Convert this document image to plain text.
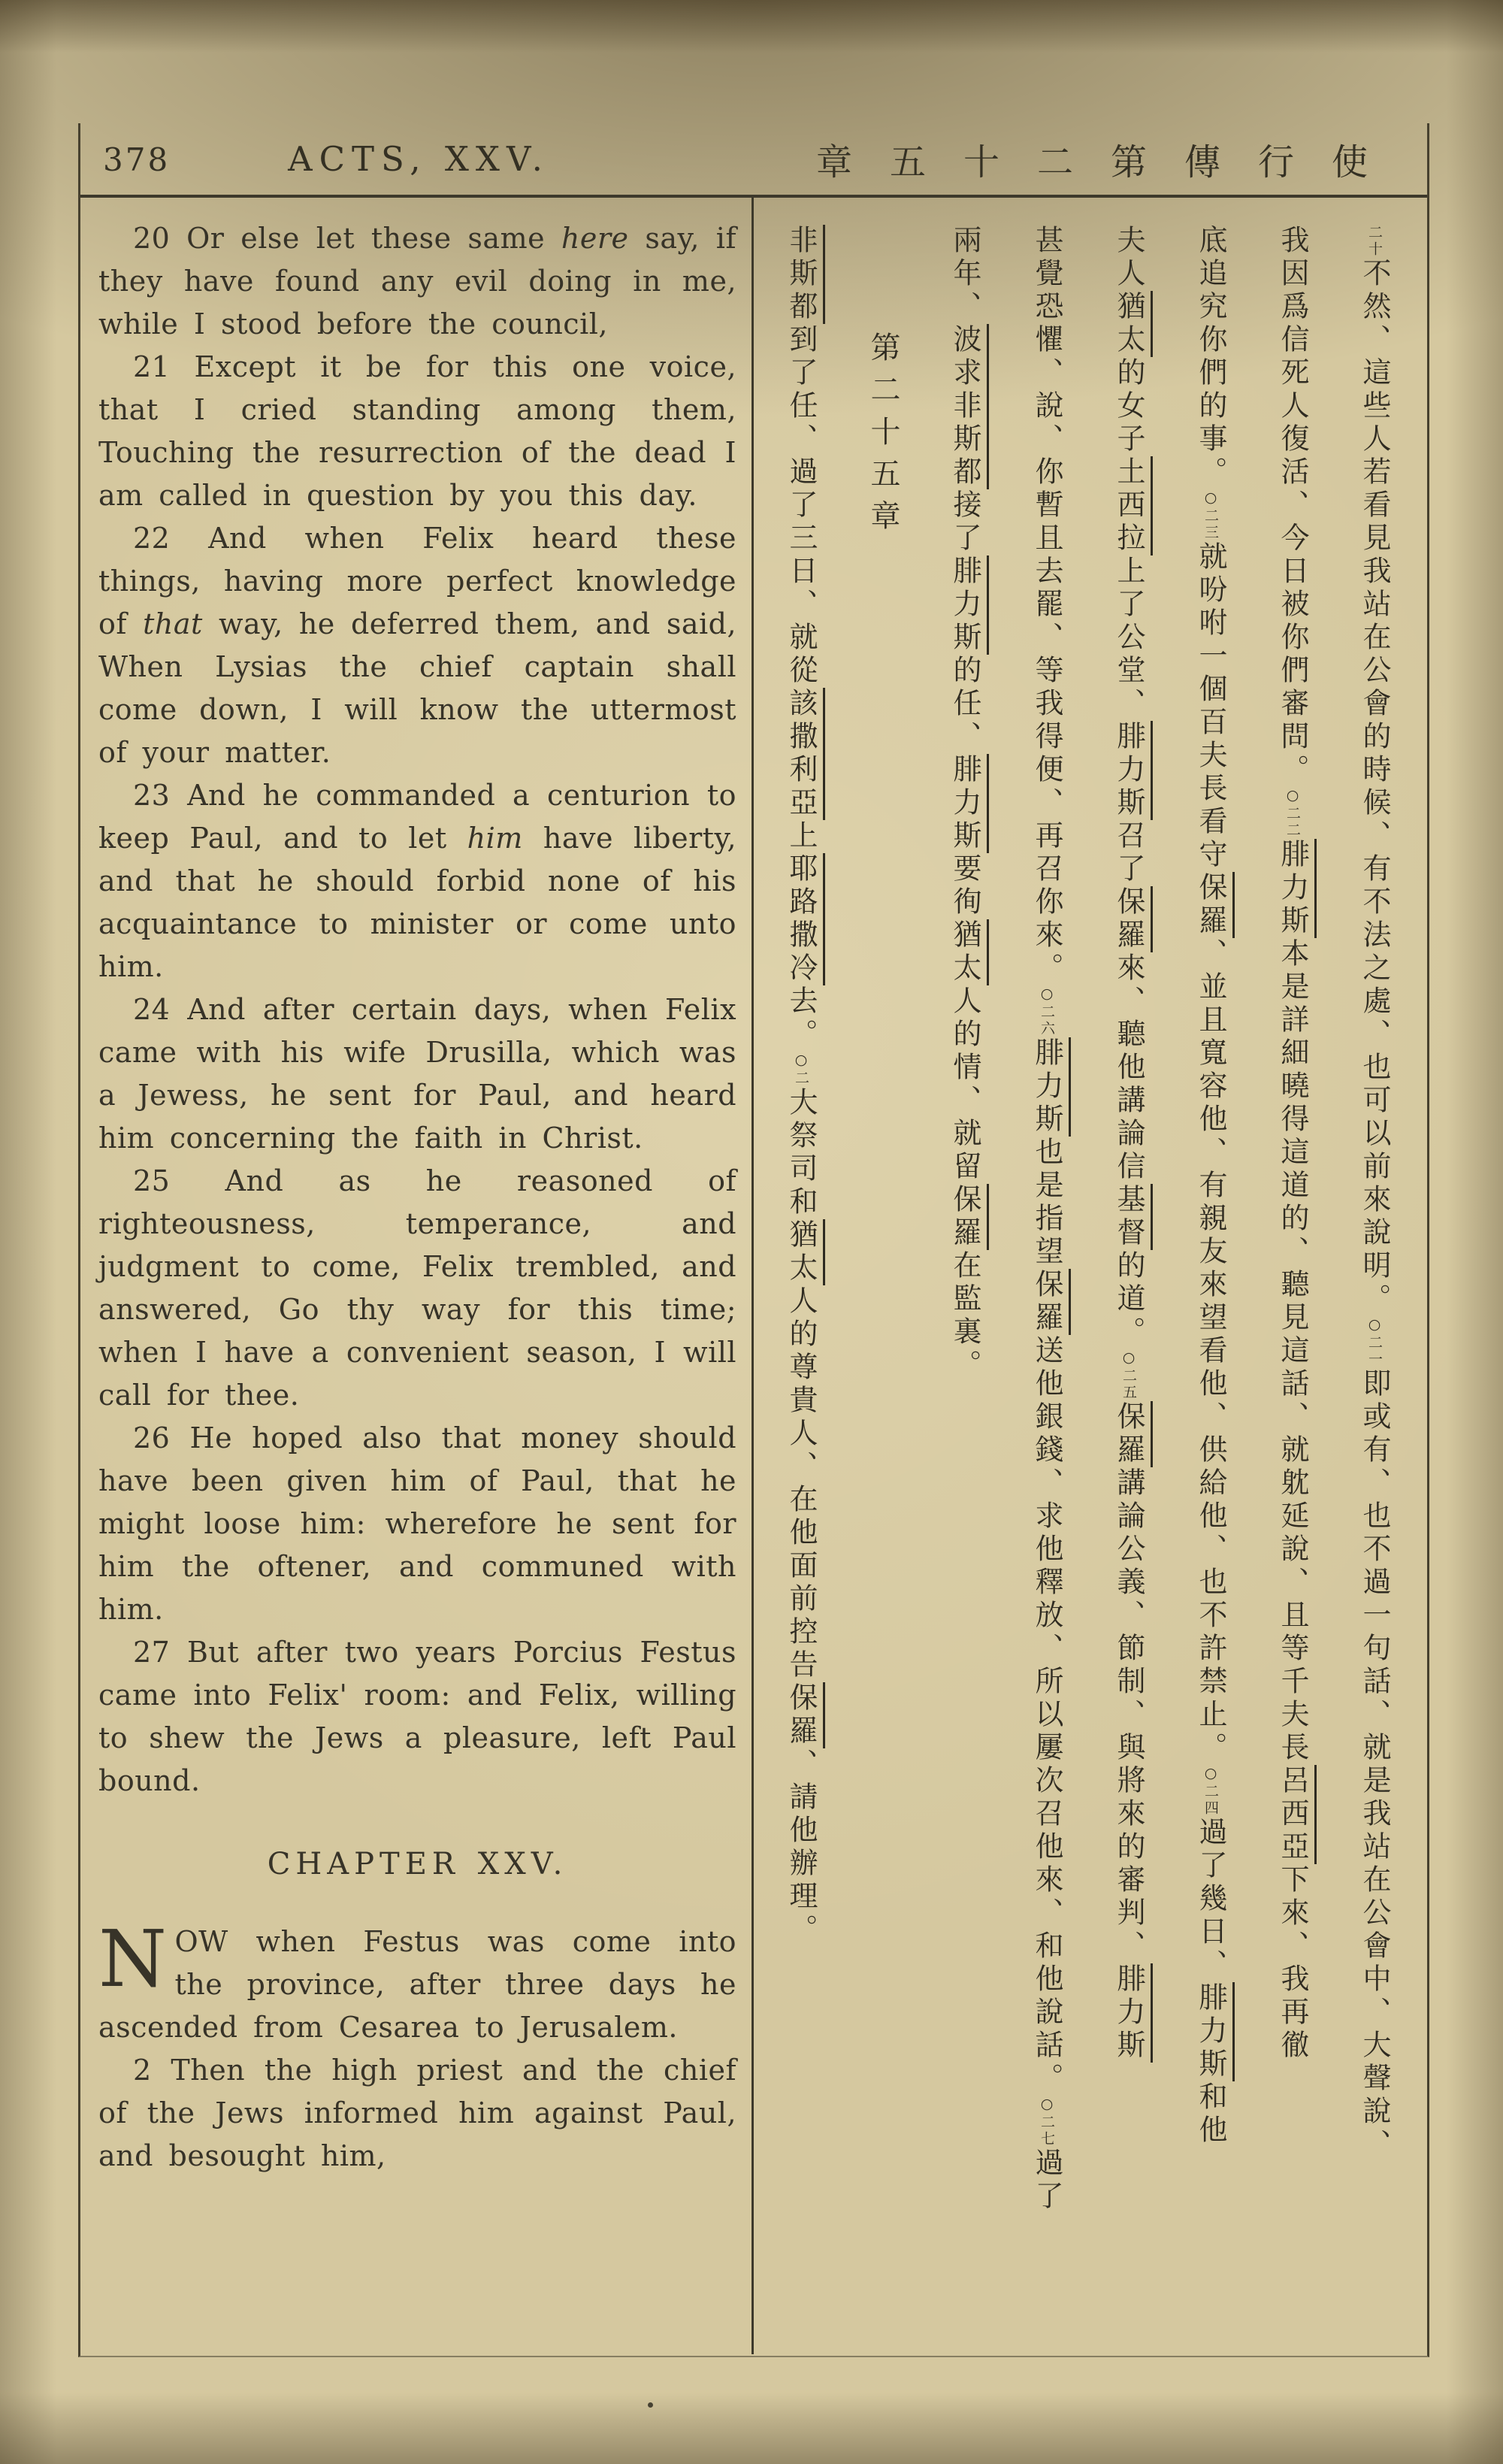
378	ACTS, XXV.	章五十二第傳行使

20 Or else let these same here say, if they have found any evil doing in me, while I stood before the council,

21 Except it be for this one voice, that I cried standing among them, Touching the resurrection of the dead I am called in question by you this day.

22 And when Felix heard these things, having more perfect knowledge of that way, he deferred them, and said, When Lysias the chief captain shall come down, I will know the uttermost of your matter.

23 And he commanded a centurion to keep Paul, and to let him have liberty, and that he should forbid none of his acquaintance to minister or come unto him.

24 And after certain days, when Felix came with his wife Drusilla, which was a Jewess, he sent for Paul, and heard him concerning the faith in Christ.

25 And as he reasoned of righteousness, temperance, and judgment to come, Felix trembled, and answered, Go thy way for this time; when I have a convenient season, I will call for thee.

26 He hoped also that money should have been given him of Paul, that he might loose him: wherefore he sent for him the oftener, and communed with him.

27 But after two years Porcius Festus came into Felix' room: and Felix, willing to shew the Jews a pleasure, left Paul bound.

CHAPTER XXV.

NOW when Festus was come into the province, after three days he ascended from Cesarea to Jerusalem.

2 Then the high priest and the chief of the Jews informed him against Paul, and besought him,

二十不然、這些人若看見我站在公會的時候、有不法之處、也可以前來說明。○二一即或有、也不過一句話、就是我站在公會中、大聲說、
我因爲信死人復活、今日被你們審問。○二二腓力斯本是詳細曉得這道的、聽見這話、就躭延說、且等千夫長呂西亞下來、我再徹
底追究你們的事。○二三就吩咐一個百夫長看守保羅、並且寬容他、有親友來望看他、供給他、也不許禁止。○二四過了幾日、腓力斯和他
夫人猶太的女子土西拉上了公堂、腓力斯召了保羅來、聽他講論信基督的道。○二五保羅講論公義、節制、與將來的審判、腓力斯
甚覺恐懼、說、你暫且去罷、等我得便、再召你來。○二六腓力斯也是指望保羅送他銀錢、求他釋放、所以屢次召他來、和他說話。○二七過了
兩年、波求非斯都接了腓力斯的任、腓力斯要徇猶太人的情、就留保羅在監裏。
第二十五章
非斯都到了任、過了三日、就從該撒利亞上耶路撒冷去。○二大祭司和猶太人的尊貴人、在他面前控告保羅、請他辦理。
